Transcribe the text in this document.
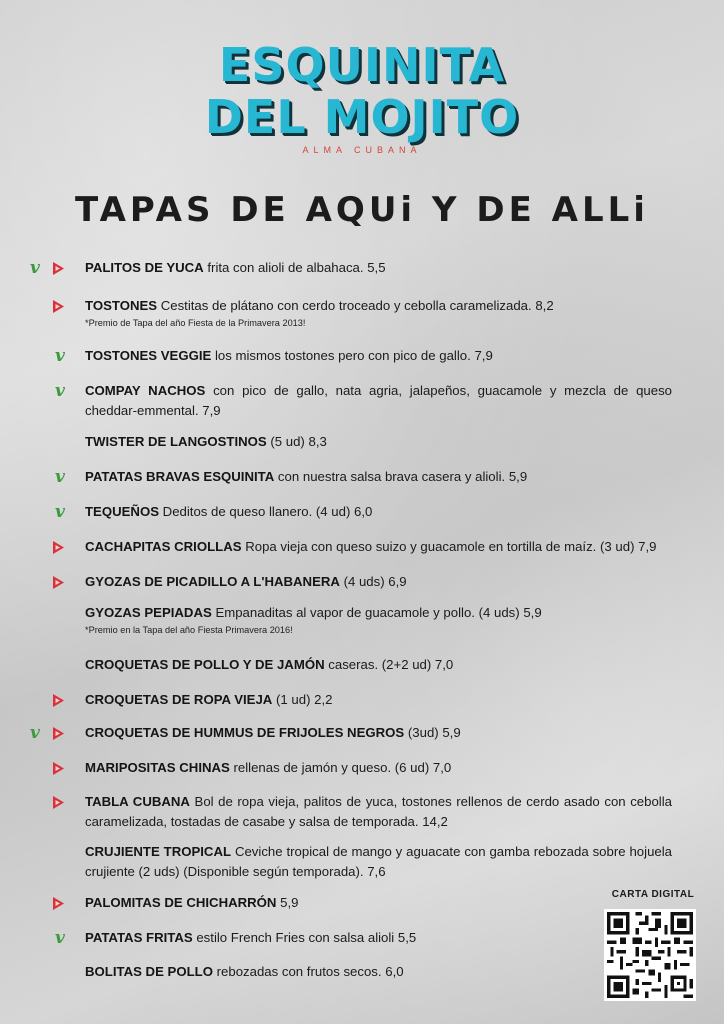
ESQUINITA
DEL MOJITO
ALMA CUBANA
TAPAS DE AQUi Y DE ALLi
PALITOS DE YUCA frita con alioli de albahaca. 5,5
v
TOSTONES Cestitas de plátano con cerdo troceado y cebolla caramelizada. 8,2
*Premio de Tapa del año Fiesta de la Primavera 2013!
TOSTONES VEGGIE los mismos tostones pero con pico de gallo. 7,9
v
COMPAY NACHOS con pico de gallo, nata agria, jalapeños, guacamole y mezcla de queso cheddar-emmental. 7,9
v
TWISTER DE LANGOSTINOS (5 ud) 8,3
PATATAS BRAVAS ESQUINITA con nuestra salsa brava casera y alioli. 5,9
v
TEQUEÑOS Deditos de queso llanero. (4 ud) 6,0
v
CACHAPITAS CRIOLLAS Ropa vieja con queso suizo y guacamole en tortilla de maíz. (3 ud) 7,9
GYOZAS DE PICADILLO A L'HABANERA (4 uds) 6,9
GYOZAS PEPIADAS Empanaditas al vapor de guacamole y pollo. (4 uds) 5,9
*Premio en la Tapa del año Fiesta Primavera 2016!
CROQUETAS DE POLLO Y DE JAMÓN caseras. (2+2 ud) 7,0
CROQUETAS DE ROPA VIEJA (1 ud) 2,2
CROQUETAS DE HUMMUS DE FRIJOLES NEGROS (3ud) 5,9
v
MARIPOSITAS CHINAS rellenas de jamón y queso. (6 ud) 7,0
TABLA CUBANA Bol de ropa vieja, palitos de yuca, tostones rellenos de cerdo asado con cebolla caramelizada, tostadas de casabe y salsa de temporada. 14,2
CRUJIENTE TROPICAL Ceviche tropical de mango y aguacate con gamba rebozada sobre hojuela crujiente (2 uds) (Disponible según temporada). 7,6
PALOMITAS DE CHICHARRÓN 5,9
PATATAS FRITAS estilo French Fries con salsa alioli 5,5
v
BOLITAS DE POLLO rebozadas con frutos secos. 6,0
CARTA DIGITAL
